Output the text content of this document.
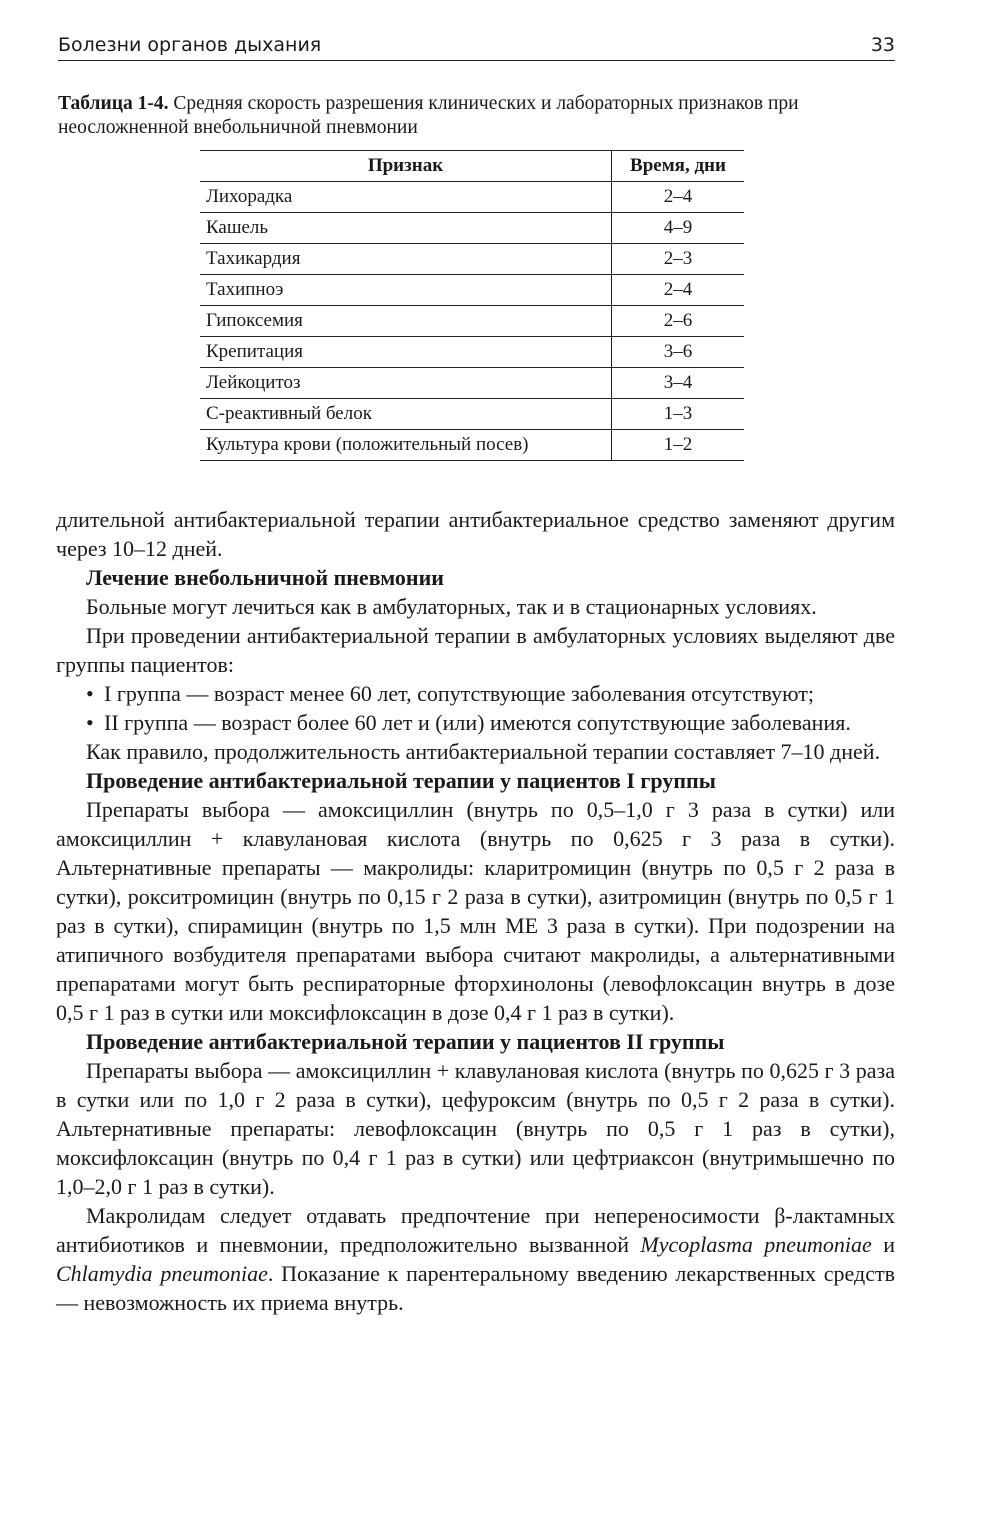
Болезни органов дыхания	33
Таблица 1-4. Средняя скорость разрешения клинических и лабораторных признаков при неосложненной внебольничной пневмонии
Признак	Время, дни
Лихорадка	2–4
Кашель	4–9
Тахикардия	2–3
Тахипноэ	2–4
Гипоксемия	2–6
Крепитация	3–6
Лейкоцитоз	3–4
С-реактивный белок	1–3
Культура крови (положительный посев)	1–2

длительной антибактериальной терапии антибактериальное средство заменяют другим через 10–12 дней.

Лечение внебольничной пневмонии

Больные могут лечиться как в амбулаторных, так и в стационарных условиях.

При проведении антибактериальной терапии в амбулаторных условиях выделяют две группы пациентов:

• I группа — возраст менее 60 лет, сопутствующие заболевания отсутствуют;
• II группа — возраст более 60 лет и (или) имеются сопутствующие заболевания.

Как правило, продолжительность антибактериальной терапии составляет 7–10 дней.

Проведение антибактериальной терапии у пациентов I группы

Препараты выбора — амоксициллин (внутрь по 0,5–1,0 г 3 раза в сутки) или амоксициллин + клавулановая кислота (внутрь по 0,625 г 3 раза в сутки). Альтернативные препараты — макролиды: кларитромицин (внутрь по 0,5 г 2 раза в сутки), рокситромицин (внутрь по 0,15 г 2 раза в сутки), азитромицин (внутрь по 0,5 г 1 раз в сутки), спирамицин (внутрь по 1,5 млн МЕ 3 раза в сутки). При подозрении на атипичного возбудителя препаратами выбора считают макролиды, а альтернативными препаратами могут быть респираторные фторхинолоны (левофлоксацин внутрь в дозе 0,5 г 1 раз в сутки или моксифлоксацин в дозе 0,4 г 1 раз в сутки).

Проведение антибактериальной терапии у пациентов II группы

Препараты выбора — амоксициллин + клавулановая кислота (внутрь по 0,625 г 3 раза в сутки или по 1,0 г 2 раза в сутки), цефуроксим (внутрь по 0,5 г 2 раза в сутки). Альтернативные препараты: левофлоксацин (внутрь по 0,5 г 1 раз в сутки), моксифлоксацин (внутрь по 0,4 г 1 раз в сутки) или цефтриаксон (внутримышечно по 1,0–2,0 г 1 раз в сутки).

Макролидам следует отдавать предпочтение при непереносимости β-лактамных антибиотиков и пневмонии, предположительно вызванной Mycoplasma pneumoniae и Chlamydia pneumoniae. Показание к парентеральному введению лекарственных средств — невозможность их приема внутрь.
